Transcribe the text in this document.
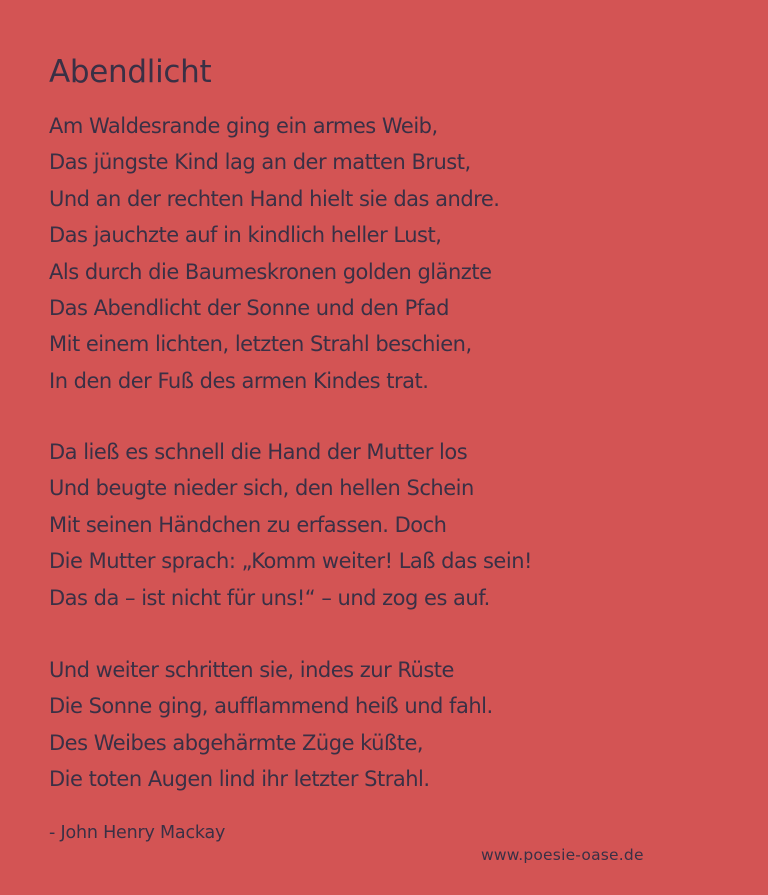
Abendlicht
Am Waldesrande ging ein armes Weib,
Das jüngste Kind lag an der matten Brust,
Und an der rechten Hand hielt sie das andre.
Das jauchzte auf in kindlich heller Lust,
Als durch die Baumeskronen golden glänzte
Das Abendlicht der Sonne und den Pfad
Mit einem lichten, letzten Strahl beschien,
In den der Fuß des armen Kindes trat.
Da ließ es schnell die Hand der Mutter los
Und beugte nieder sich, den hellen Schein
Mit seinen Händchen zu erfassen. Doch
Die Mutter sprach: „Komm weiter! Laß das sein!
Das da – ist nicht für uns!“ – und zog es auf.
Und weiter schritten sie, indes zur Rüste
Die Sonne ging, aufflammend heiß und fahl.
Des Weibes abgehärmte Züge küßte,
Die toten Augen lind ihr letzter Strahl.
- John Henry Mackay
www.poesie-oase.de
